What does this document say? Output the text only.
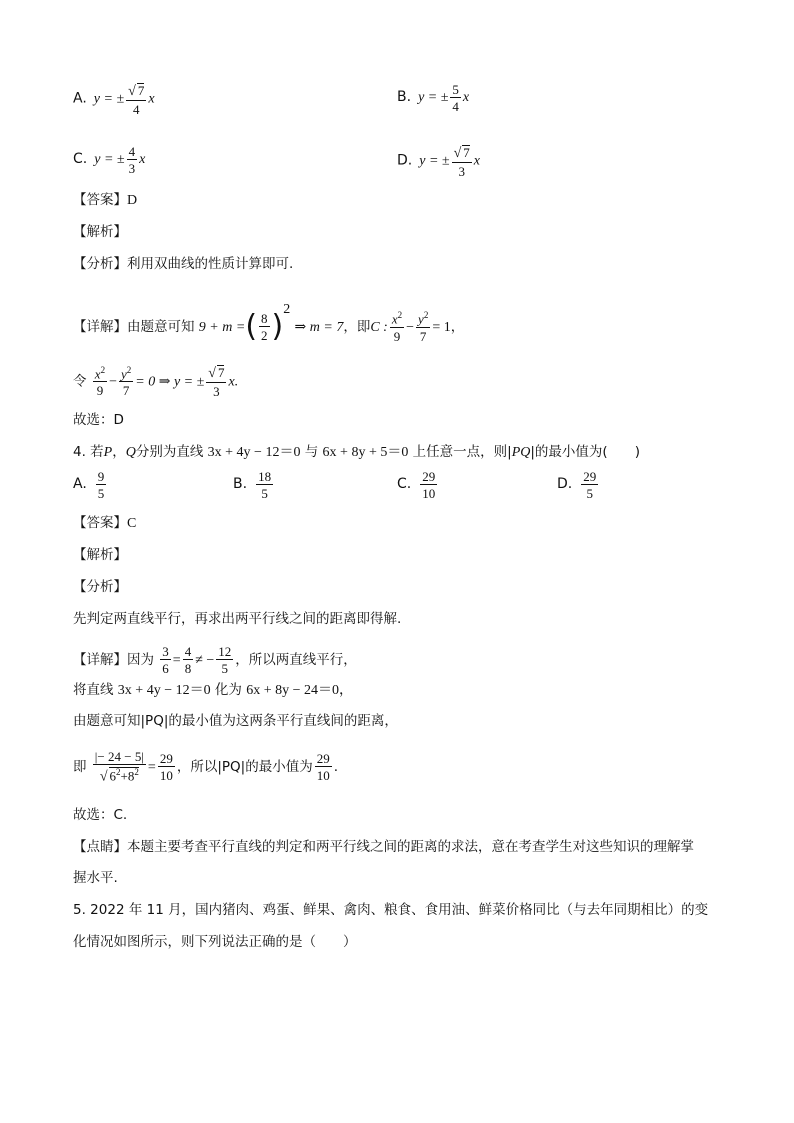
A. y = ± $\frac{√ 7}{4}$ x	B. y = ± $\frac{5}{4}$ x
C. y = ± $\frac{4}{3}$ x	D. y = ± $\frac{√ 7}{3}$ x
【答案】D
【解析】
【分析】利用双曲线的性质计算即可.
【详解】由题意可知 9 + m =( $\frac{8}{2} )^2$ ⇒ m = 7，即C : $\frac{x^2}{9} - \frac{y^2}{7} = 1$，
令 $\frac{x^2}{9} - \frac{y^2}{7} = 0$ ⇒ y = ± $\frac{√ 7}{3} x$.
故选：D
4. 若P，Q分别为直线 3x + 4y − 12＝0 与 6x + 8y + 5＝0 上任意一点，则|PQ|的最小值为(　　)
A. $\frac{9}{5}$	B. $\frac{18}{5}$	C. $\frac{29}{10}$	D. $\frac{29}{5}$
【答案】C
【解析】
【分析】
先判定两直线平行，再求出两平行线之间的距离即得解.
【详解】因为 $\frac{3}{6} = \frac{4}{8}$ ≠ − $\frac{12}{5}$ ，所以两直线平行，
将直线 3x + 4y − 12＝0 化为 6x + 8y − 24＝0，
由题意可知|PQ|的最小值为这两条平行直线间的距离，
即 $\frac{|- 24 - 5|}{√ 6^2+8^2} = \frac{29}{10}$ ，所以|PQ|的最小值为 $\frac{29}{10}$ .
故选：C.
【点睛】本题主要考查平行直线的判定和两平行线之间的距离的求法，意在考查学生对这些知识的理解掌
握水平.
5. 2022 年 11 月，国内猪肉、鸡蛋、鲜果、禽肉、粮食、食用油、鲜菜价格同比（与去年同期相比）的变
化情况如图所示，则下列说法正确的是（　　）
